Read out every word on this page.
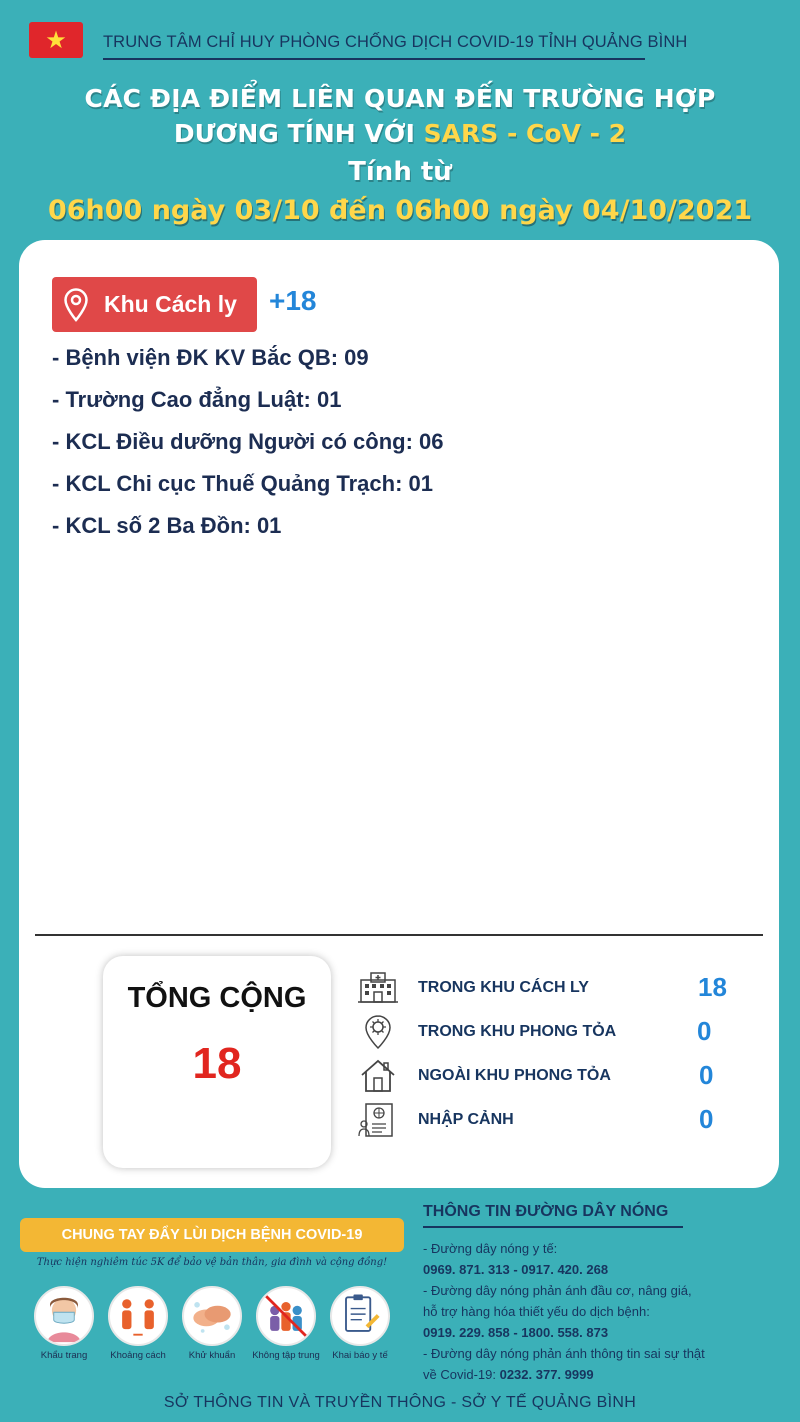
★ TRUNG TÂM CHỈ HUY PHÒNG CHỐNG DỊCH COVID-19 TỈNH QUẢNG BÌNH
CÁC ĐỊA ĐIỂM LIÊN QUAN ĐẾN TRƯỜNG HỢP
DƯƠNG TÍNH VỚI SARS - CoV - 2
Tính từ
06h00 ngày 03/10 đến 06h00 ngày 04/10/2021
Khu Cách ly +18
- Bệnh viện ĐK KV Bắc QB: 09
- Trường Cao đẳng Luật: 01
- KCL Điều dưỡng Người có công: 06
- KCL Chi cục Thuế Quảng Trạch: 01
- KCL số 2 Ba Đồn: 01
TỔNG CỘNG
18
TRONG KHU CÁCH LY	18
TRONG KHU PHONG TỎA	0
NGOÀI KHU PHONG TỎA	0
NHẬP CẢNH	0
CHUNG TAY ĐẨY LÙI DỊCH BỆNH COVID-19
Thực hiện nghiêm túc 5K để bảo vệ bản thân, gia đình và cộng đồng!
Khẩu trang	Khoảng cách	Khử khuẩn	Không tập trung	Khai báo y tế
THÔNG TIN ĐƯỜNG DÂY NÓNG
- Đường dây nóng y tế:
0969. 871. 313 - 0917. 420. 268
- Đường dây nóng phản ánh đầu cơ, nâng giá,
hỗ trợ hàng hóa thiết yếu do dịch bệnh:
0919. 229. 858 - 1800. 558. 873
- Đường dây nóng phản ánh thông tin sai sự thật
về Covid-19: 0232. 377. 9999
SỞ THÔNG TIN VÀ TRUYỀN THÔNG - SỞ Y TẾ QUẢNG BÌNH
